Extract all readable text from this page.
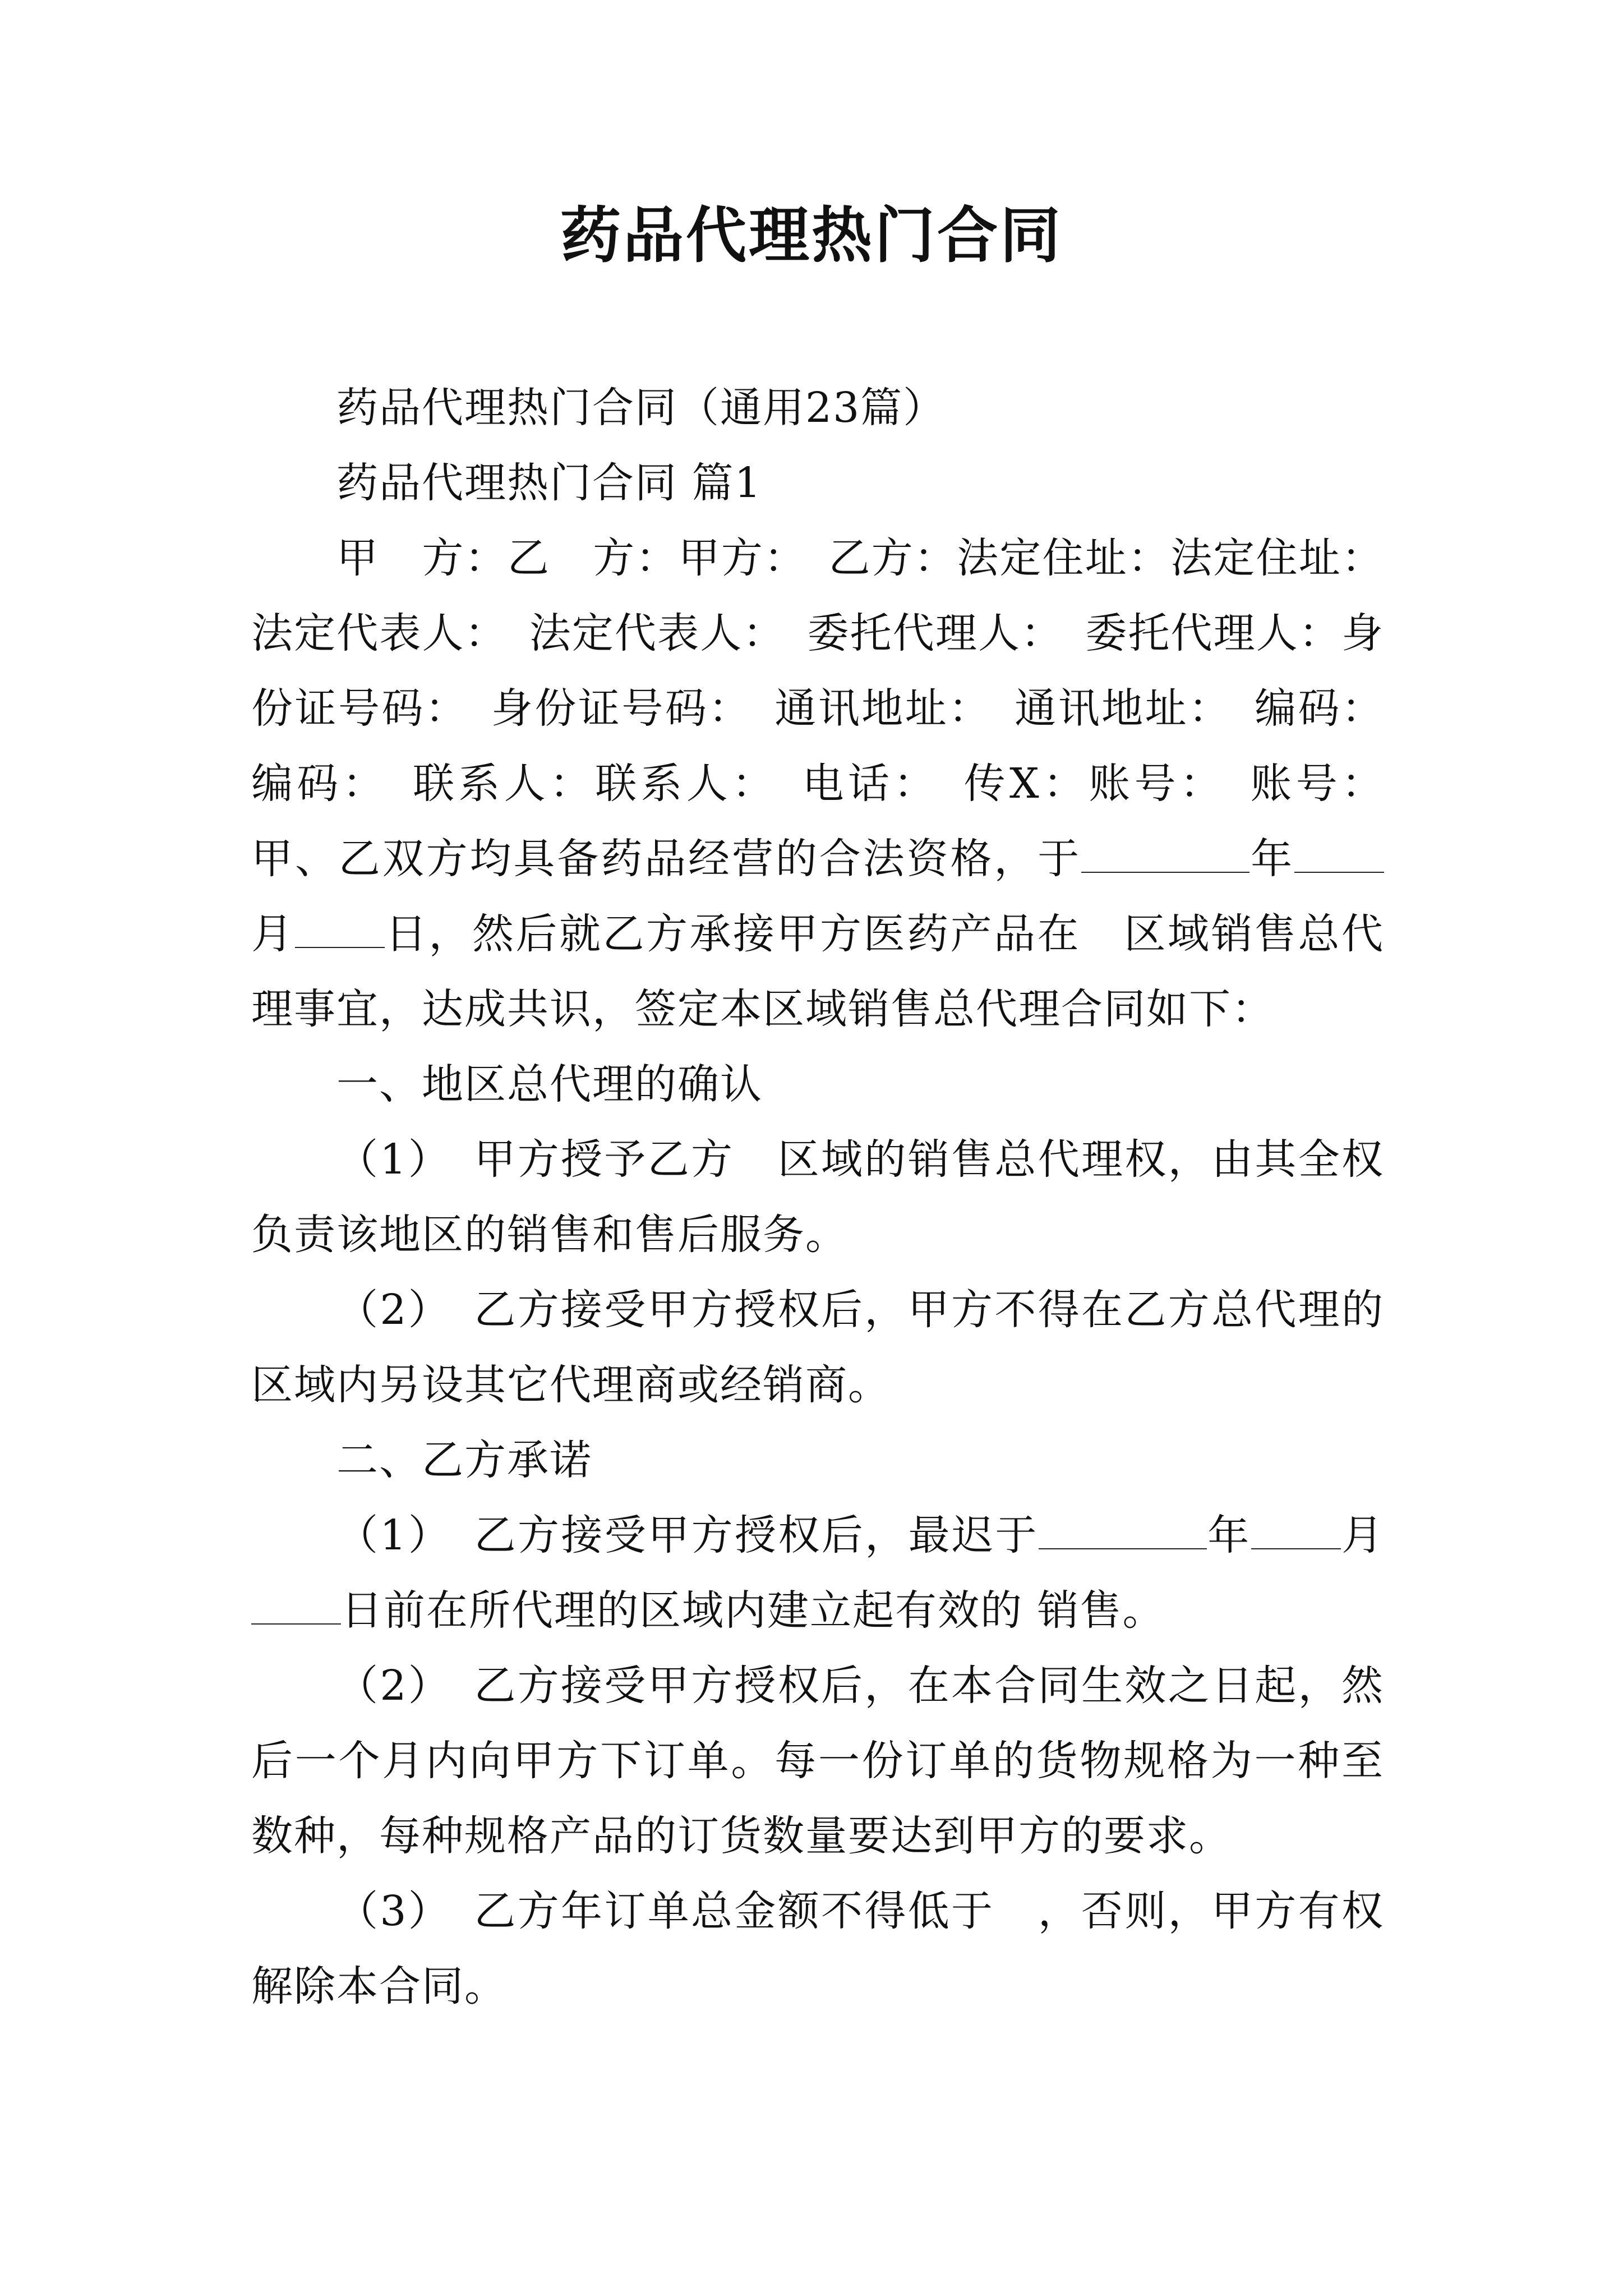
药品代理热门合同

药品代理热门合同（通用23篇）

药品代理热门合同 篇1

甲　方：乙　方：甲方：　乙方：法定住址：法定住址：法定代表人：　法定代表人：　委托代理人：　委托代理人：身份证号码：　身份证号码：　通讯地址：　通讯地址：　编码：编码：　联系人：联系人：　电话：　传X：账号：　账号：甲、乙双方均具备药品经营的合法资格，于	年月 日，然后就乙方承接甲方医药产品在　区域销售总代理事宜，达成共识，签定本区域销售总代理合同如下：

一、地区总代理的确认

（1）　甲方授予乙方　区域的销售总代理权，由其全权负责该地区的销售和售后服务。

（2）　乙方接受甲方授权后，甲方不得在乙方总代理的区域内另设其它代理商或经销商。

二、乙方承诺

（1）　乙方接受甲方授权后，最迟于	年 月日前在所代理的区域内建立起有效的 销售。

（2）　乙方接受甲方授权后，在本合同生效之日起，然后一个月内向甲方下订单。每一份订单的货物规格为一种至数种，每种规格产品的订货数量要达到甲方的要求。

（3）　乙方年订单总金额不得低于　，否则，甲方有权解除本合同。
